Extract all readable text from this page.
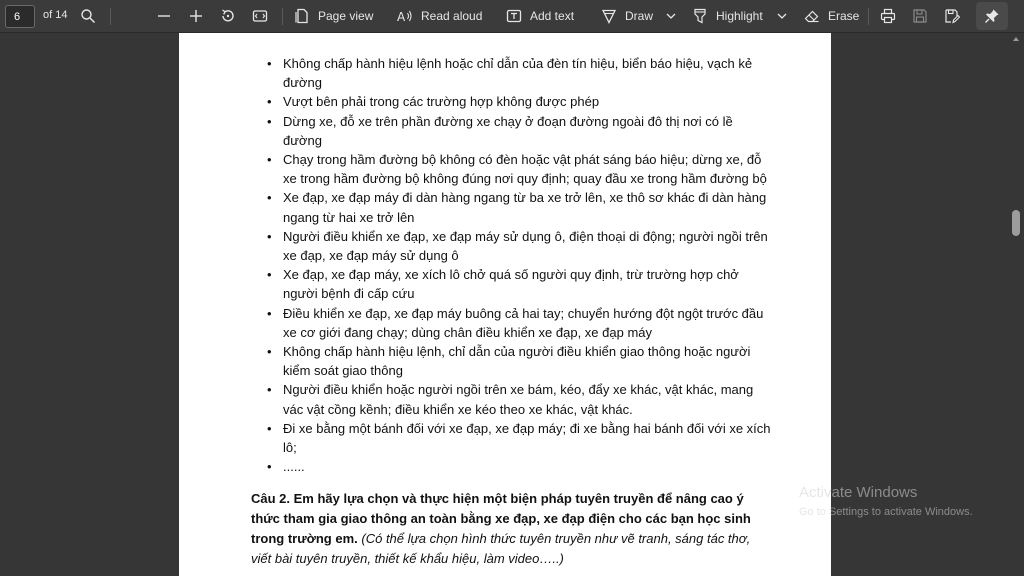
6
of 14	Page view A Read aloud	Add text	Draw	Highlight	Erase
• Không chấp hành hiệu lệnh hoặc chỉ dẫn của đèn tín hiệu, biển báo hiệu, vạch kẻ đường
• Vượt bên phải trong các trường hợp không được phép
• Dừng xe, đỗ xe trên phần đường xe chạy ở đoạn đường ngoài đô thị nơi có lề đường
• Chạy trong hầm đường bộ không có đèn hoặc vật phát sáng báo hiệu; dừng xe, đỗ xe trong hầm đường bộ không đúng nơi quy định; quay đầu xe trong hầm đường bộ
• Xe đạp, xe đạp máy đi dàn hàng ngang từ ba xe trở lên, xe thô sơ khác đi dàn hàng ngang từ hai xe trở lên
• Người điều khiển xe đạp, xe đạp máy sử dụng ô, điện thoại di động; người ngồi trên xe đạp, xe đạp máy sử dụng ô
• Xe đạp, xe đạp máy, xe xích lô chở quá số người quy định, trừ trường hợp chở người bệnh đi cấp cứu
• Điều khiển xe đạp, xe đạp máy buông cả hai tay; chuyển hướng đột ngột trước đầu xe cơ giới đang chạy; dùng chân điều khiển xe đạp, xe đạp máy
• Không chấp hành hiệu lệnh, chỉ dẫn của người điều khiển giao thông hoặc người kiểm soát giao thông
• Người điều khiển hoặc người ngồi trên xe bám, kéo, đẩy xe khác, vật khác, mang vác vật cồng kềnh; điều khiển xe kéo theo xe khác, vật khác.
• Đi xe bằng một bánh đối với xe đạp, xe đạp máy; đi xe bằng hai bánh đối với xe xích lô;
• ......

Câu 2. Em hãy lựa chọn và thực hiện một biện pháp tuyên truyền để nâng cao ý thức tham gia giao thông an toàn bằng xe đạp, xe đạp điện cho các bạn học sinh trong trường em. (Có thể lựa chọn hình thức tuyên truyền như vẽ tranh, sáng tác thơ, viết bài tuyên truyền, thiết kế khẩu hiệu, làm video…..)

Activate Windows
Go to Settings to activate Windows.
